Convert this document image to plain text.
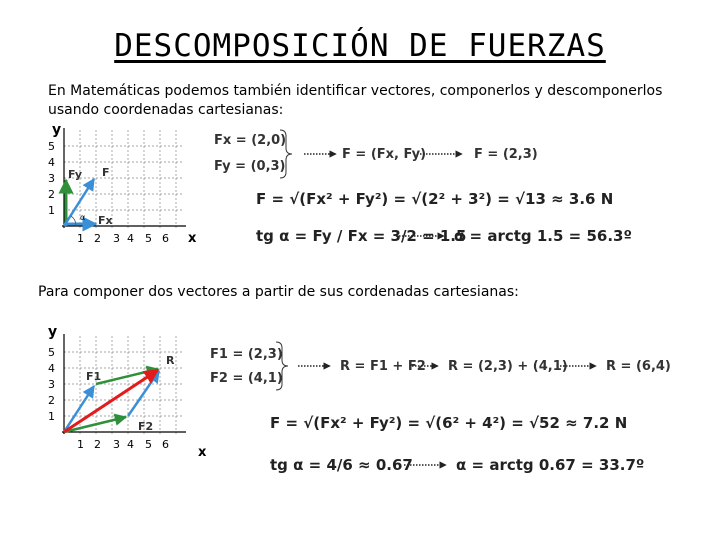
DESCOMPOSICIÓN DE FUERZAS
En Matemáticas podemos también identificar vectores, componerlos y descomponerlos usando coordenadas cartesianas:
Para componer dos vectores a partir de sus cordenadas cartesianas:
y
5
4
3
2
1
1 2 3 4 5 6 x
Fy F
Fx
α
Fx = (2,0)
Fy = (0,3)
F = (Fx, Fy)	F = (2,3)
F = √(Fx² + Fy²) = √(2² + 3²) = √13 ≈ 3.6 N
tg α = Fy / Fx = 3/2 = 1.5
α = arctg 1.5 = 56.3º
y
5
4
3
2
1
1 2 3 4 5 6
x
F1
F2
R	F1 = (2,3)
F2 = (4,1)
R = F1 + F2 R = (2,3) + (4,1)	R = (6,4)
F = √(Fx² + Fy²) = √(6² + 4²) = √52 ≈ 7.2 N
tg α = 4/6 ≈ 0.67	α = arctg 0.67 = 33.7º
